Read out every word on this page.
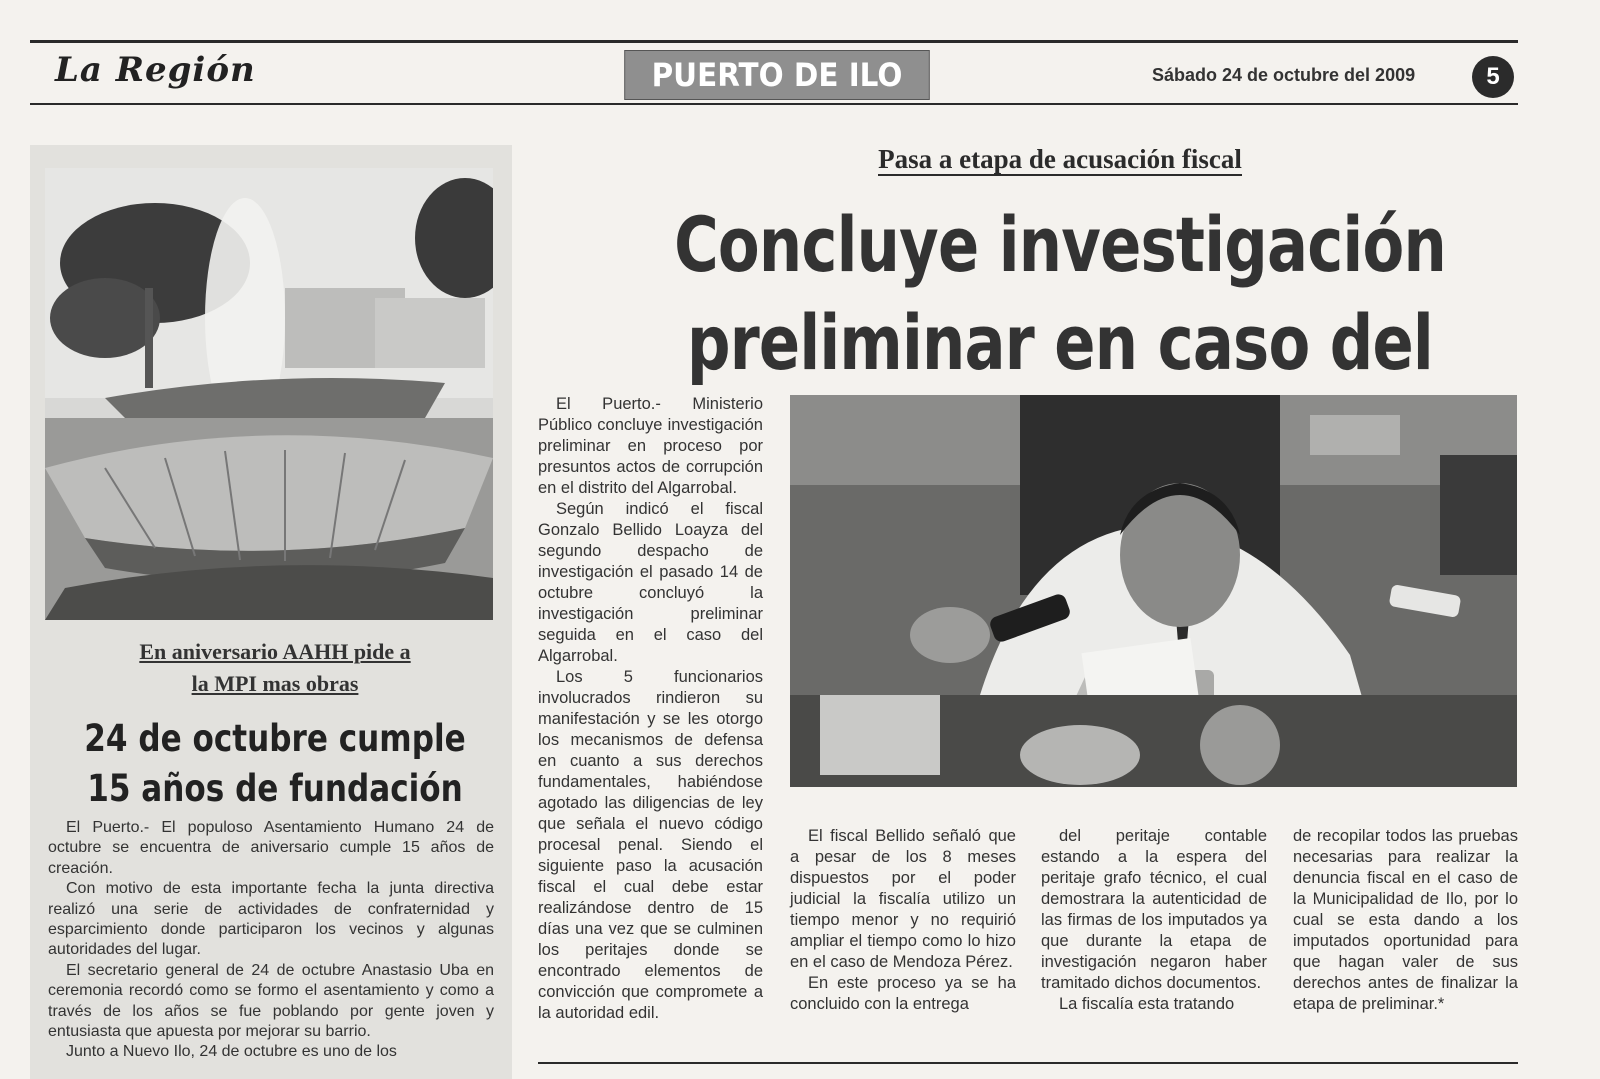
La Región	PUERTO DE ILO	Sábado 24 de octubre del 2009	5
En aniversario AAHH pide a
la MPI mas obras
24 de octubre cumple
15 años de fundación

El Puerto.- El populoso Asentamiento Humano 24 de octubre se encuentra de aniversario cumple 15 años de creación.

Con motivo de esta importante fecha la junta directiva realizó una serie de actividades de confraternidad y esparcimiento donde participaron los vecinos y algunas autoridades del lugar.

El secretario general de 24 de octubre Anastasio Uba en ceremonia recordó como se formo el asentamiento y como a través de los años se fue poblando por gente joven y entusiasta que apuesta por mejorar su barrio.

Junto a Nuevo Ilo, 24 de octubre es uno de los

Pasa a etapa de acusación fiscal
Concluye investigación
preliminar en caso del

El Puerto.- Ministerio Público concluye investigación preliminar en proceso por presuntos actos de corrupción en el distrito del Algarrobal.

Según indicó el fiscal Gonzalo Bellido Loayza del segundo despacho de investigación el pasado 14 de octubre concluyó la investigación preliminar seguida en el caso del Algarrobal.

Los 5 funcionarios involucrados rindieron su manifestación y se les otorgo los mecanismos de defensa en cuanto a sus derechos fundamentales, habiéndose agotado las diligencias de ley que señala el nuevo código procesal penal. Siendo el siguiente paso la acusación fiscal el cual debe estar realizándose dentro de 15 días una vez que se culminen los peritajes donde se encontrado elementos de convicción que compromete a la autoridad edil.

El fiscal Bellido señaló que a pesar de los 8 meses dispuestos por el poder judicial la fiscalía utilizo un tiempo menor y no requirió ampliar el tiempo como lo hizo en el caso de Mendoza Pérez.

En este proceso ya se ha concluido con la entrega

del peritaje contable estando a la espera del peritaje grafo técnico, el cual demostrara la autenticidad de las firmas de los imputados ya que durante la etapa de investigación negaron haber tramitado dichos documentos.

La fiscalía esta tratando

de recopilar todos las pruebas necesarias para realizar la denuncia fiscal en el caso de la Municipalidad de Ilo, por lo cual se esta dando a los imputados oportunidad para que hagan valer de sus derechos antes de finalizar la etapa de preliminar.*
